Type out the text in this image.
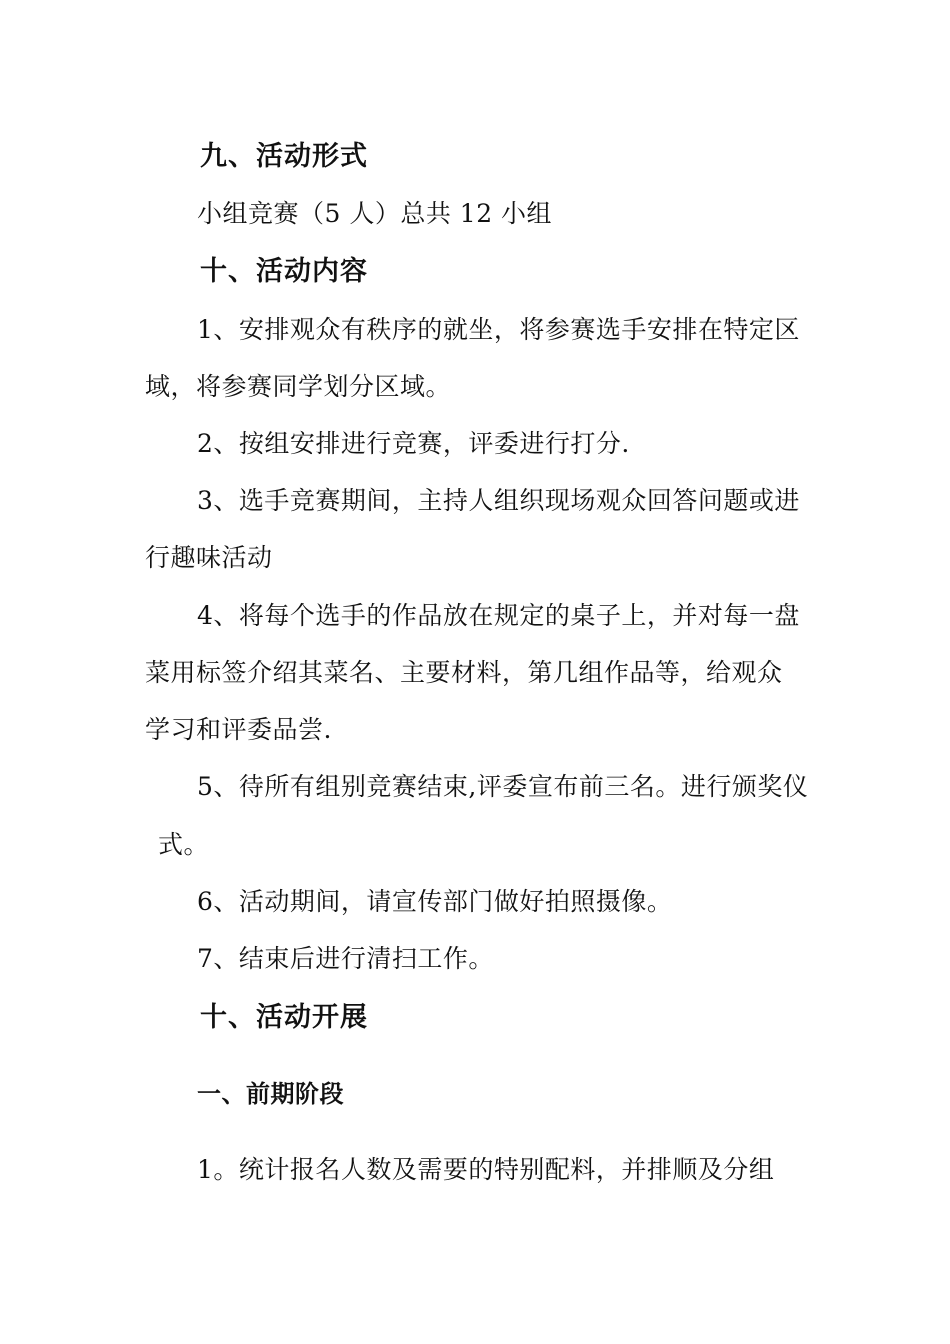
九、活动形式
小组竞赛（5 人）总共 12 小组
十、活动内容
1、安排观众有秩序的就坐，将参赛选手安排在特定区
域，将参赛同学划分区域。
2、按组安排进行竞赛，评委进行打分.
3、选手竞赛期间，主持人组织现场观众回答问题或进
行趣味活动
4、将每个选手的作品放在规定的桌子上，并对每一盘
菜用标签介绍其菜名、主要材料，第几组作品等，给观众
学习和评委品尝.
5、待所有组别竞赛结束,评委宣布前三名。进行颁奖仪
式。
6、活动期间，请宣传部门做好拍照摄像。
7、结束后进行清扫工作。
十、活动开展
一、前期阶段
1。统计报名人数及需要的特别配料，并排顺及分组
